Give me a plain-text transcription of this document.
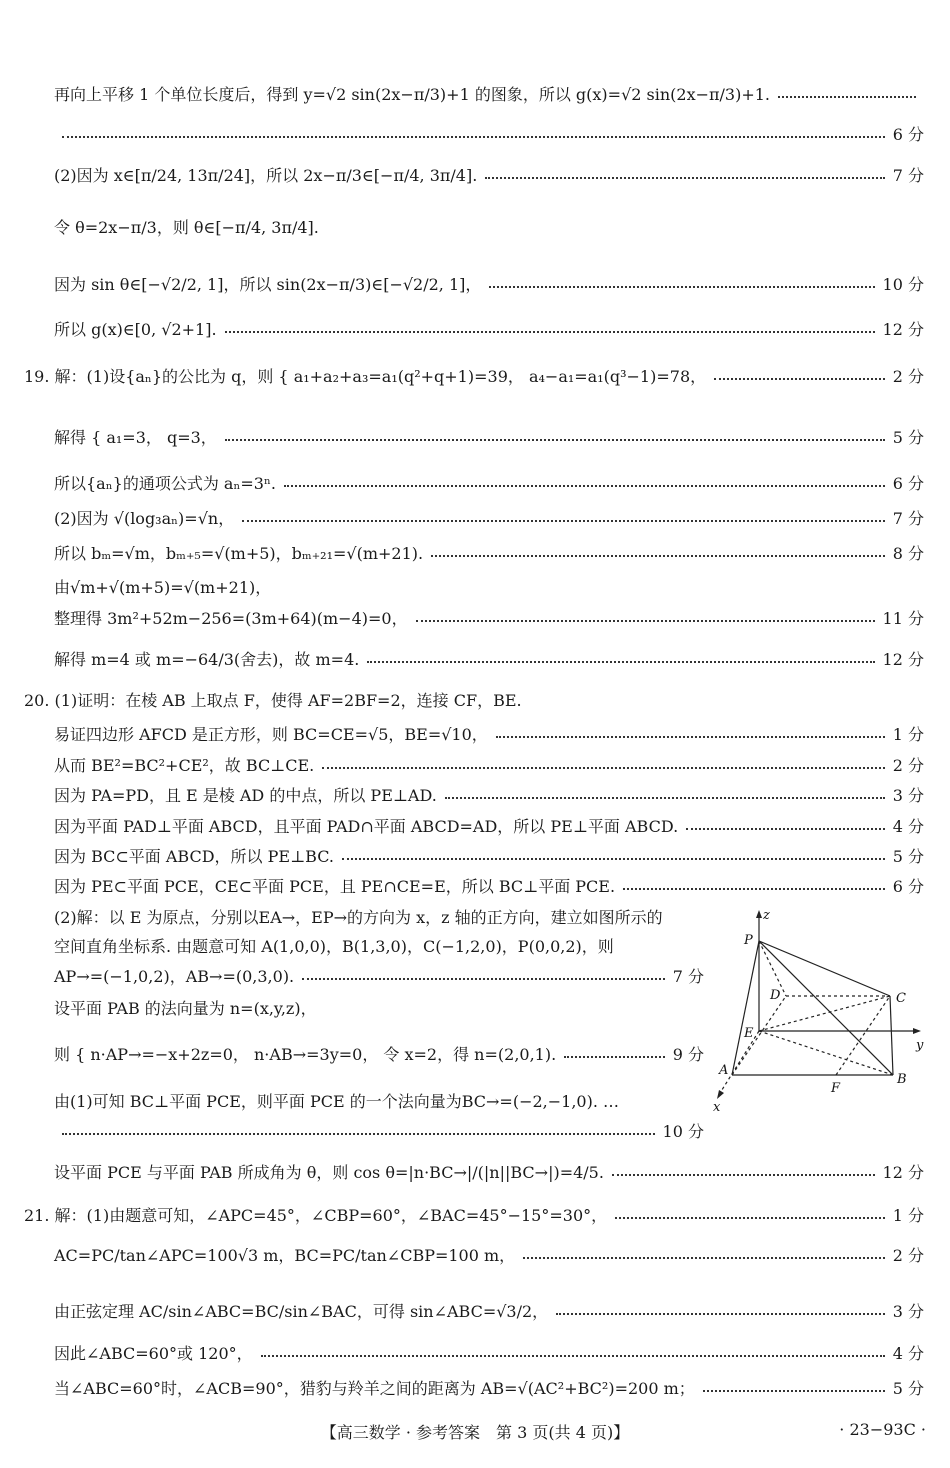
再向上平移 1 个单位长度后，得到 y=√2 sin(2x−π/3)+1 的图象，所以 g(x)=√2 sin(2x−π/3)+1.
6 分
(2)因为 x∈[π/24, 13π/24]，所以 2x−π/3∈[−π/4, 3π/4].	7 分
令 θ=2x−π/3，则 θ∈[−π/4, 3π/4].
因为 sin θ∈[−√2/2, 1]，所以 sin(2x−π/3)∈[−√2/2, 1]，	10 分
所以 g(x)∈[0, √2+1].	12 分
19. 解：(1)设{aₙ}的公比为 q，则 { a₁+a₂+a₃=a₁(q²+q+1)=39， a₄−a₁=a₁(q³−1)=78，	2 分
解得 { a₁=3， q=3，	5 分
所以{aₙ}的通项公式为 aₙ=3ⁿ.	6 分
(2)因为 √(log₃aₙ)=√n，	7 分
所以 bₘ=√m，bₘ₊₅=√(m+5)，bₘ₊₂₁=√(m+21).	8 分
由√m+√(m+5)=√(m+21)，
整理得 3m²+52m−256=(3m+64)(m−4)=0，	11 分
解得 m=4 或 m=−64/3(舍去)，故 m=4.	12 分
20. (1)证明：在棱 AB 上取点 F，使得 AF=2BF=2，连接 CF，BE.
易证四边形 AFCD 是正方形，则 BC=CE=√5，BE=√10，	1 分
从而 BE²=BC²+CE²，故 BC⊥CE.	2 分
因为 PA=PD，且 E 是棱 AD 的中点，所以 PE⊥AD.	3 分
因为平面 PAD⊥平面 ABCD，且平面 PAD∩平面 ABCD=AD，所以 PE⊥平面 ABCD.	4 分
因为 BC⊂平面 ABCD，所以 PE⊥BC.	5 分
因为 PE⊂平面 PCE，CE⊂平面 PCE，且 PE∩CE=E，所以 BC⊥平面 PCE.	6 分
(2)解：以 E 为原点，分别以EA→，EP→的方向为 x，z 轴的正方向，建立如图所示的
空间直角坐标系. 由题意可知 A(1,0,0)，B(1,3,0)，C(−1,2,0)，P(0,0,2)，则
AP→=(−1,0,2)，AB→=(0,3,0).	7 分
设平面 PAB 的法向量为 n=(x,y,z)，
则 { n·AP→=−x+2z=0， n·AB→=3y=0， 令 x=2，得 n=(2,0,1).	9 分
由(1)可知 BC⊥平面 PCE，则平面 PCE 的一个法向量为BC→=(−2,−1,0). …
10 分
设平面 PCE 与平面 PAB 所成角为 θ，则 cos θ=|n·BC→|/(|n||BC→|)=4/5.	12 分
21. 解：(1)由题意可知，∠APC=45°，∠CBP=60°，∠BAC=45°−15°=30°，	1 分
AC=PC/tan∠APC=100√3 m，BC=PC/tan∠CBP=100 m，	2 分
由正弦定理 AC/sin∠ABC=BC/sin∠BAC，可得 sin∠ABC=√3/2，	3 分
因此∠ABC=60°或 120°，	4 分
当∠ABC=60°时，∠ACB=90°，猎豹与羚羊之间的距离为 AB=√(AC²+BC²)=200 m；	5 分
z
P
D	C
E
y
A
F
B
x
【高三数学 · 参考答案　第 3 页(共 4 页)】	· 23−93C ·
